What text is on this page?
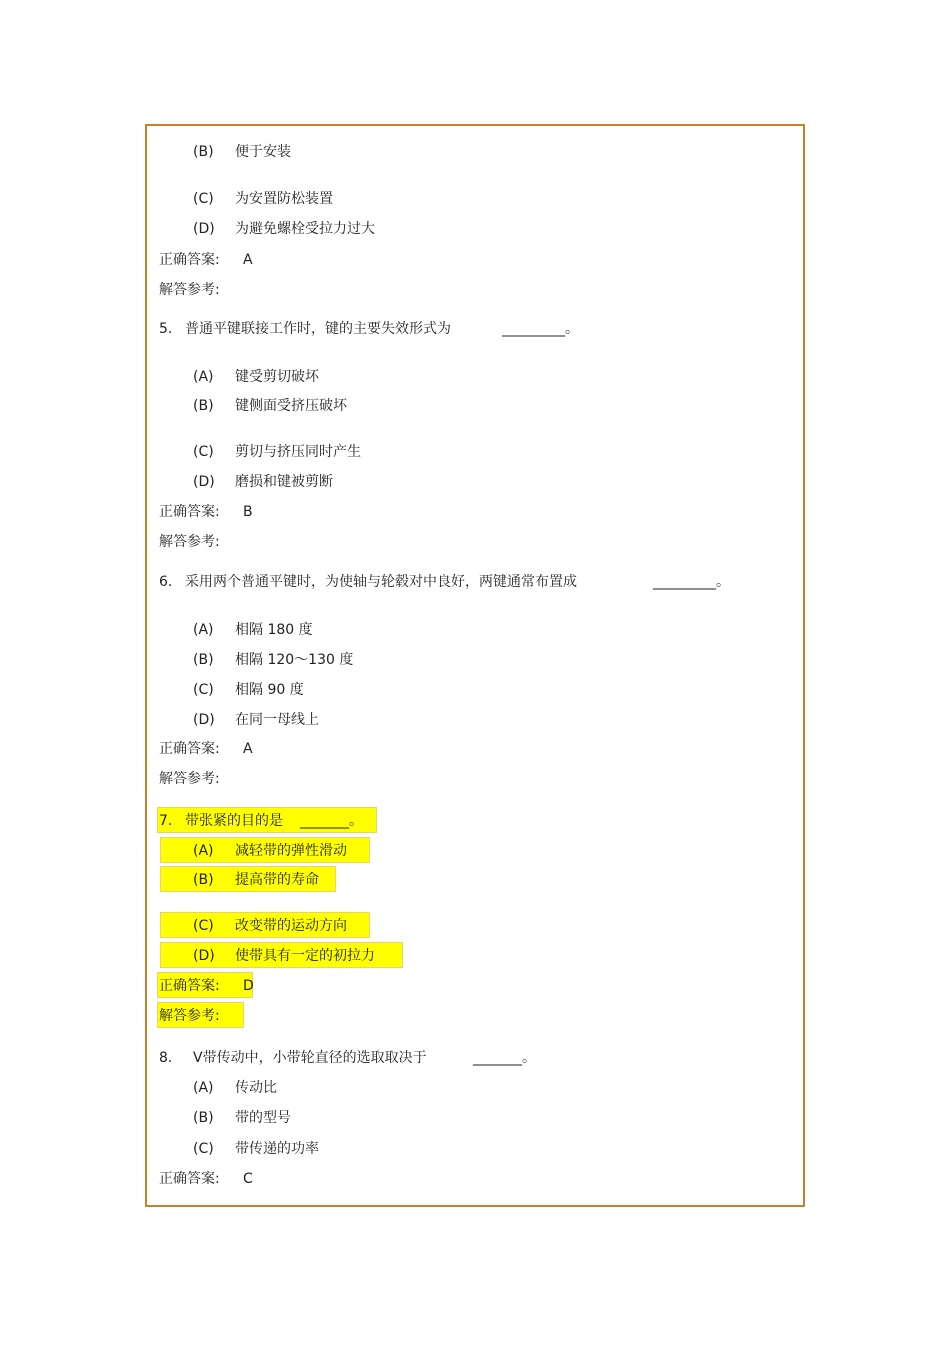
(B) 便于安装
(C) 为安置防松装置
(D) 为避免螺栓受拉力过大
正确答案: A
解答参考:
5. 普通平键联接工作时，键的主要失效形式为	_________。
(A) 键受剪切破坏
(B) 键侧面受挤压破坏
(C) 剪切与挤压同时产生
(D) 磨损和键被剪断
正确答案: B
解答参考:
6. 采用两个普通平键时，为使轴与轮毂对中良好，两键通常布置成	_________。
(A) 相隔 180 度
(B) 相隔 120～130 度
(C) 相隔 90 度
(D) 在同一母线上
正确答案: A
解答参考:
7. 带张紧的目的是 _______。
(A) 减轻带的弹性滑动
(B) 提高带的寿命
(C) 改变带的运动方向
(D) 使带具有一定的初拉力
正确答案: D
解答参考:
8. V带传动中，小带轮直径的选取取决于	_______。
(A) 传动比
(B) 带的型号
(C) 带传递的功率
正确答案: C
